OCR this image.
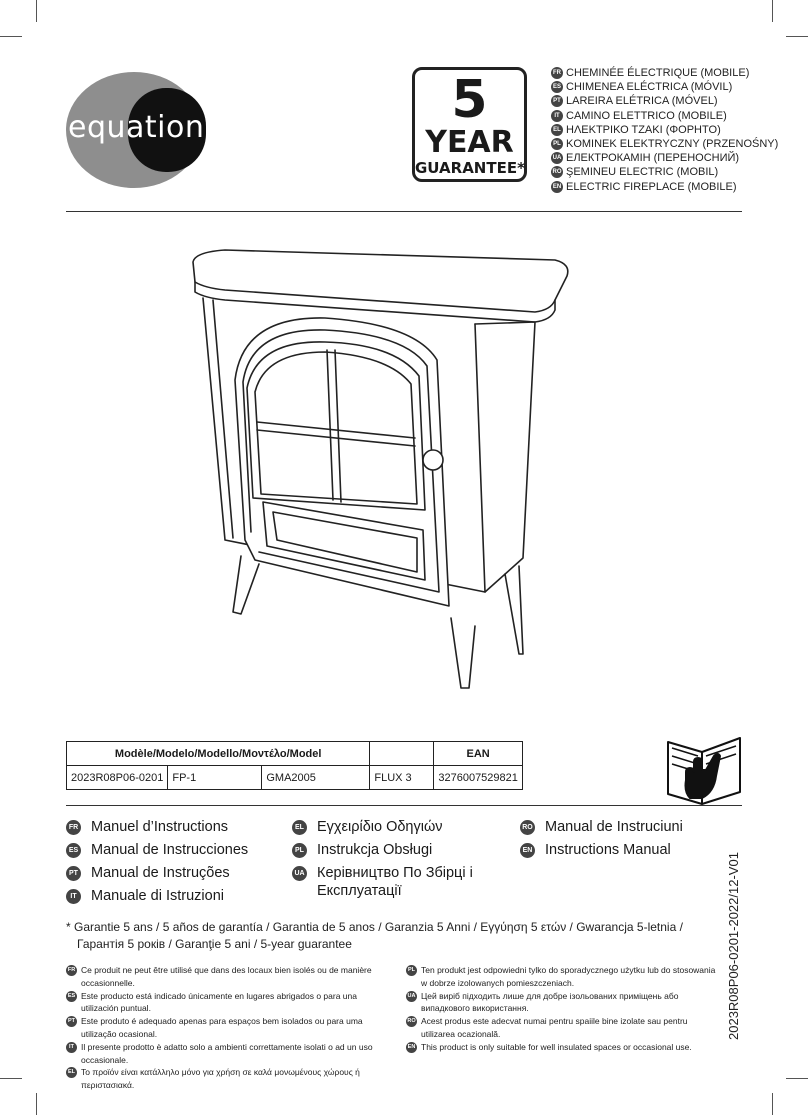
equation	5
YEAR
GUARANTEE*
FR CHEMINÉE ÉLECTRIQUE (MOBILE)
ES CHIMENEA ELÉCTRICA (MÓVIL)
PT LAREIRA ELÉTRICA (MÓVEL)
IT CAMINO ELETTRICO (MOBILE)
EL ΗΛΕΚΤΡΙΚΟ ΤΖΑΚΙ (ΦΟΡΗΤΟ)
PL KOMINEK ELEKTRYCZNY (PRZENOŚNY)
UA ЕЛЕКТРОКАМІН (ПЕРЕНОСНИЙ)
RO ŞEMINEU ELECTRIC (MOBIL)
EN ELECTRIC FIREPLACE (MOBILE)
Modèle/Modelo/Modello/Μοντέλο/Model				EAN
2023R08P06-0201	FP-1	GMA2005	FLUX 3	3276007529821
FR Manuel d’Instructions
ES Manual de Instrucciones
PT Manual de Instruções
IT Manuale di Istruzioni
EL Εγχειρίδιο Οδηγιών
PL Instrukcja Obsługi
UA Керівництво По Збірці і Експлуатації
RO Manual de Instruciuni
EN Instructions Manual
* Garantie 5 ans / 5 años de garantía / Garantia de 5 anos / Garanzia 5 Anni / Εγγύηση 5 ετών / Gwarancja 5-letnia /
Гарантія 5 років / Garanţie 5 ani / 5-year guarantee
FR Ce produit ne peut être utilisé que dans des locaux bien isolés ou de manière occasionnelle.
ES Este producto está indicado únicamente en lugares abrigados o para una utilización puntual.
PT Este produto é adequado apenas para espaços bem isolados ou para uma utilização ocasional.
IT Il presente prodotto è adatto solo a ambienti correttamente isolati o ad un uso occasionale.
EL Το προϊόν είναι κατάλληλο μόνο για χρήση σε καλά μονωμένους χώρους ή περιστασιακά.
PL Ten produkt jest odpowiedni tylko do sporadycznego użytku lub do stosowania w dobrze izolowanych pomieszczeniach.
UA Цей виріб підходить лише для добре ізольованих приміщень або випадкового використання.
RO Acest produs este adecvat numai pentru spaiile bine izolate sau pentru utilizarea ocazională.
EN This product is only suitable for well insulated spaces or occasional use.
2023R08P06-0201-2022/12-V01
